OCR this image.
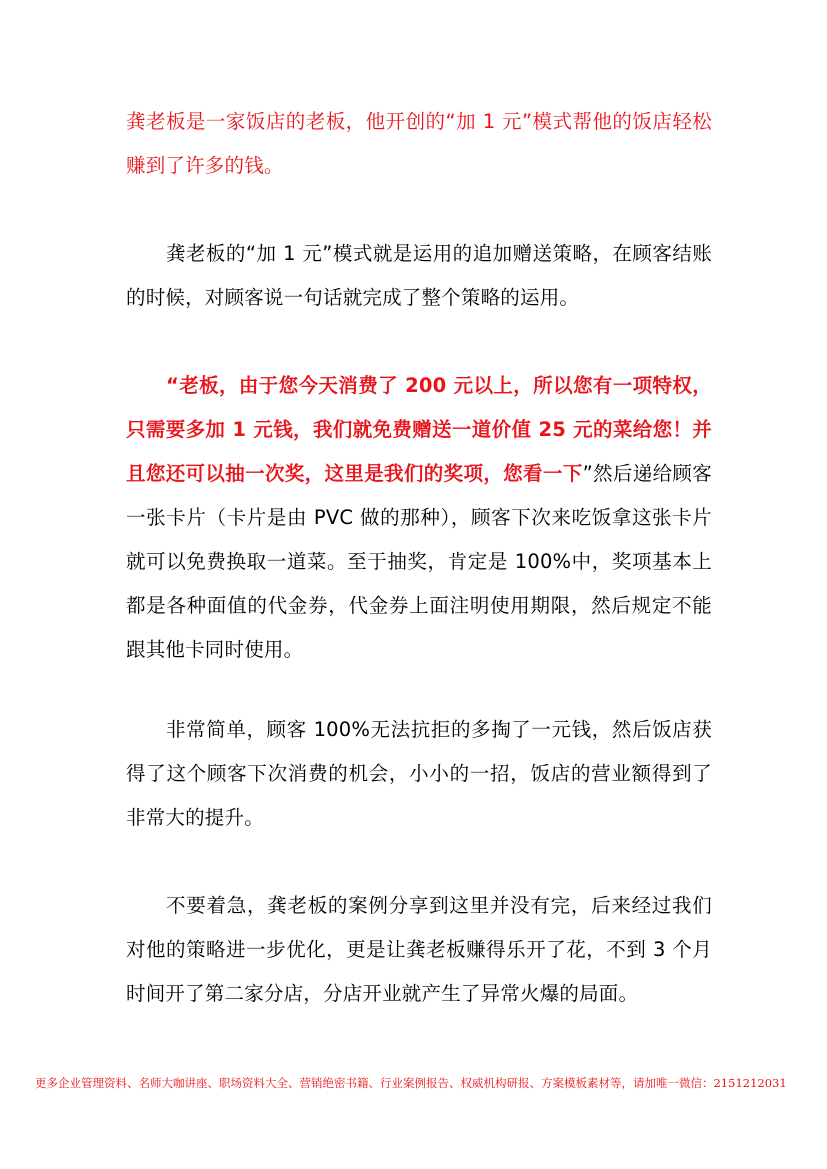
龚老板是一家饭店的老板，他开创的“加 1 元”模式帮他的饭店轻松赚到了许多的钱。

龚老板的“加 1 元”模式就是运用的追加赠送策略，在顾客结账的时候，对顾客说一句话就完成了整个策略的运用。

“老板，由于您今天消费了 200 元以上，所以您有一项特权，只需要多加 1 元钱，我们就免费赠送一道价值 25 元的菜给您！并且您还可以抽一次奖，这里是我们的奖项，您看一下”然后递给顾客一张卡片（卡片是由 PVC 做的那种），顾客下次来吃饭拿这张卡片就可以免费换取一道菜。至于抽奖，肯定是 100%中，奖项基本上都是各种面值的代金券，代金券上面注明使用期限，然后规定不能跟其他卡同时使用。

非常简单，顾客 100%无法抗拒的多掏了一元钱，然后饭店获得了这个顾客下次消费的机会，小小的一招，饭店的营业额得到了非常大的提升。

不要着急，龚老板的案例分享到这里并没有完，后来经过我们对他的策略进一步优化，更是让龚老板赚得乐开了花，不到 3 个月时间开了第二家分店，分店开业就产生了异常火爆的局面。

更多企业管理资料、名师大咖讲座、职场资料大全、营销绝密书籍、行业案例报告、权威机构研报、方案模板素材等，请加唯一微信：2151212031
